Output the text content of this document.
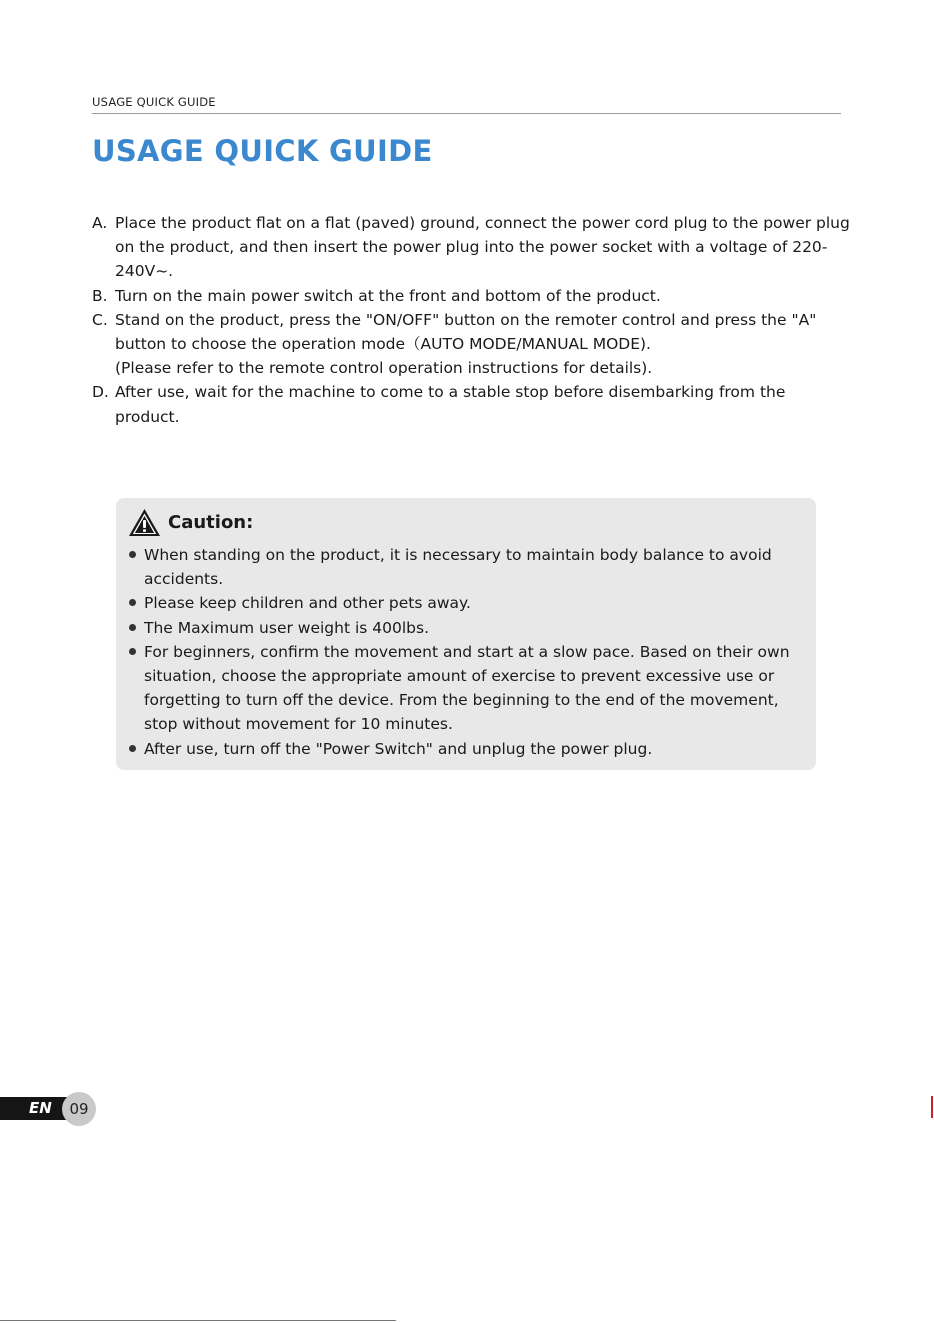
USAGE QUICK GUIDE
USAGE QUICK GUIDE
A. Place the product flat on a flat (paved) ground, connect the power cord plug to the power plug on the product, and then insert the power plug into the power socket with a voltage of 220-240V~.
B. Turn on the main power switch at the front and bottom of the product.
C. Stand on the product, press the "ON/OFF" button on the remoter control and press the "A" button to choose the operation mode（AUTO MODE/MANUAL MODE).
(Please refer to the remote control operation instructions for details).
D. After use, wait for the machine to come to a stable stop before disembarking from the product.
Caution:
When standing on the product, it is necessary to maintain body balance to avoid accidents.
Please keep children and other pets away.
The Maximum user weight is 400lbs.
For beginners, confirm the movement and start at a slow pace. Based on their own situation, choose the appropriate amount of exercise to prevent excessive use or forgetting to turn off the device. From the beginning to the end of the movement, stop without movement for 10 minutes.
After use, turn off the "Power Switch" and unplug the power plug.
EN	09
